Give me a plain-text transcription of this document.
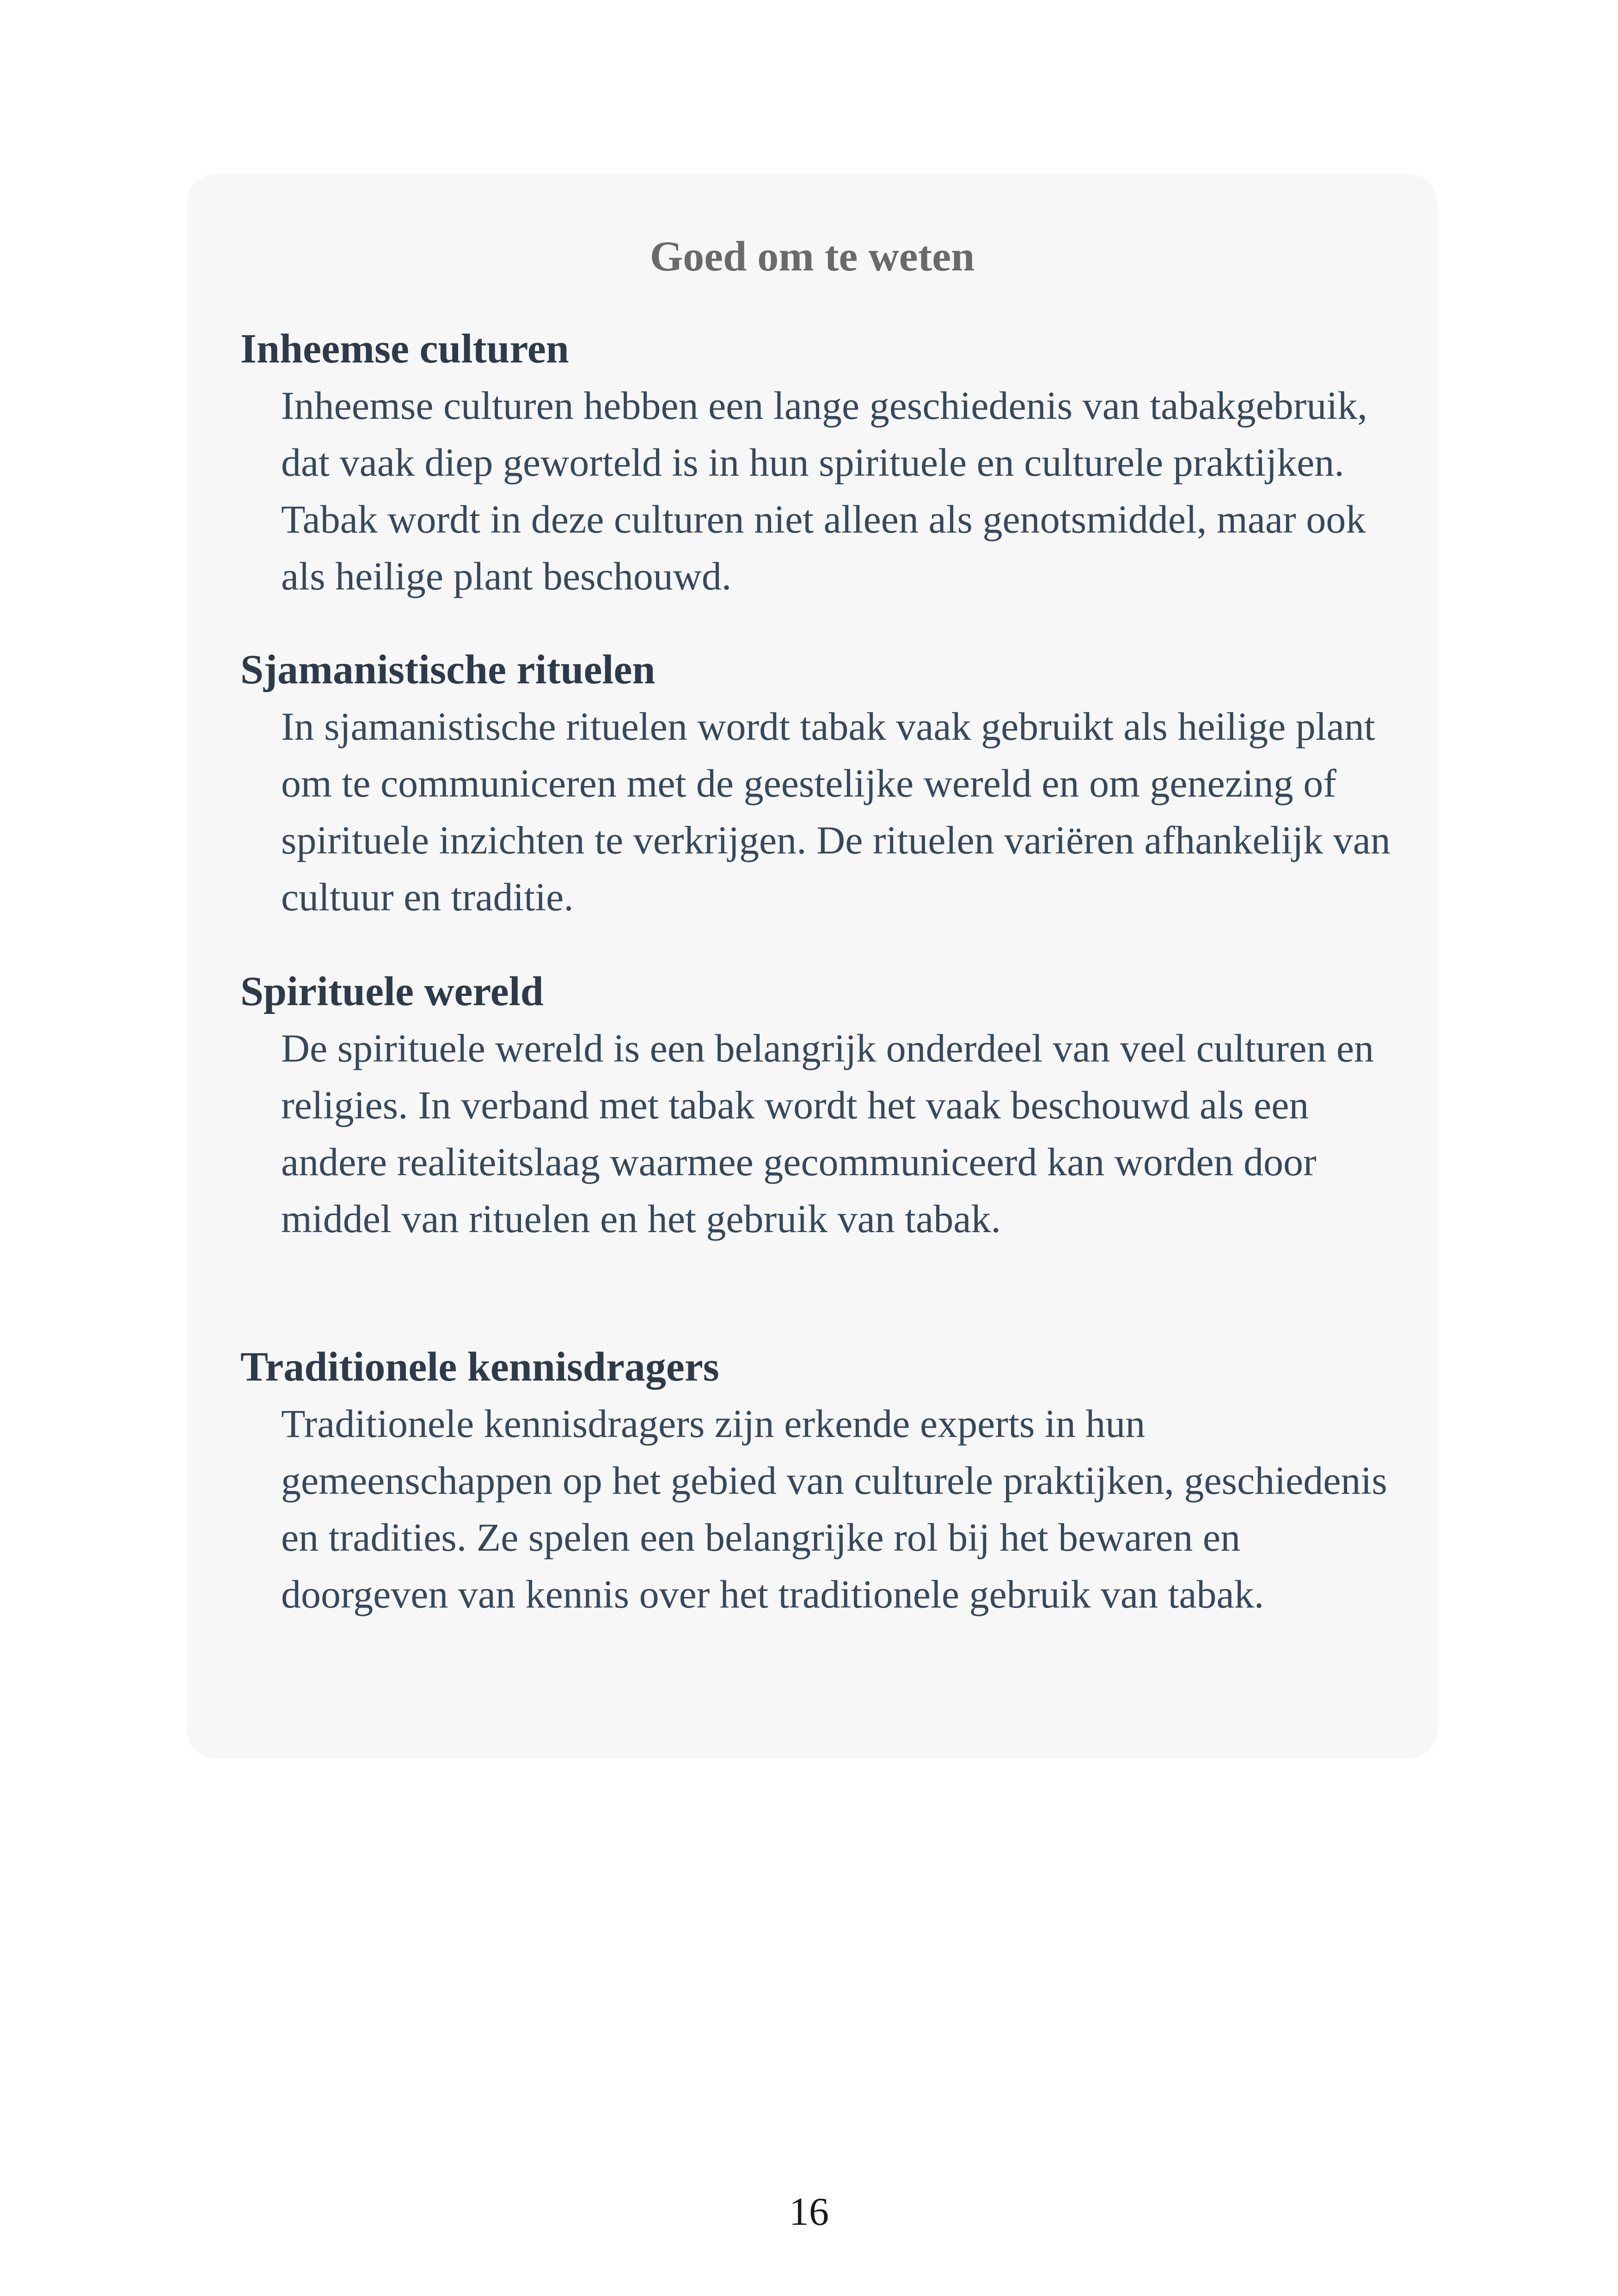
Goed om te weten

Inheemse culturen

Inheemse culturen hebben een lange geschiedenis van tabakgebruik, dat vaak diep geworteld is in hun spirituele en culturele praktijken. Tabak wordt in deze culturen niet alleen als genotsmiddel, maar ook als heilige plant beschouwd.

Sjamanistische rituelen

In sjamanistische rituelen wordt tabak vaak gebruikt als heilige plant om te communiceren met de geestelijke wereld en om genezing of spirituele inzichten te verkrijgen. De rituelen variëren afhankelijk van cultuur en traditie.

Spirituele wereld

De spirituele wereld is een belangrijk onderdeel van veel culturen en religies. In verband met tabak wordt het vaak beschouwd als een andere realiteitslaag waarmee gecommuniceerd kan worden door middel van rituelen en het gebruik van tabak.

Traditionele kennisdragers

Traditionele kennisdragers zijn erkende experts in hun gemeenschappen op het gebied van culturele praktijken, geschiedenis en tradities. Ze spelen een belangrijke rol bij het bewaren en doorgeven van kennis over het traditionele gebruik van tabak.

16
